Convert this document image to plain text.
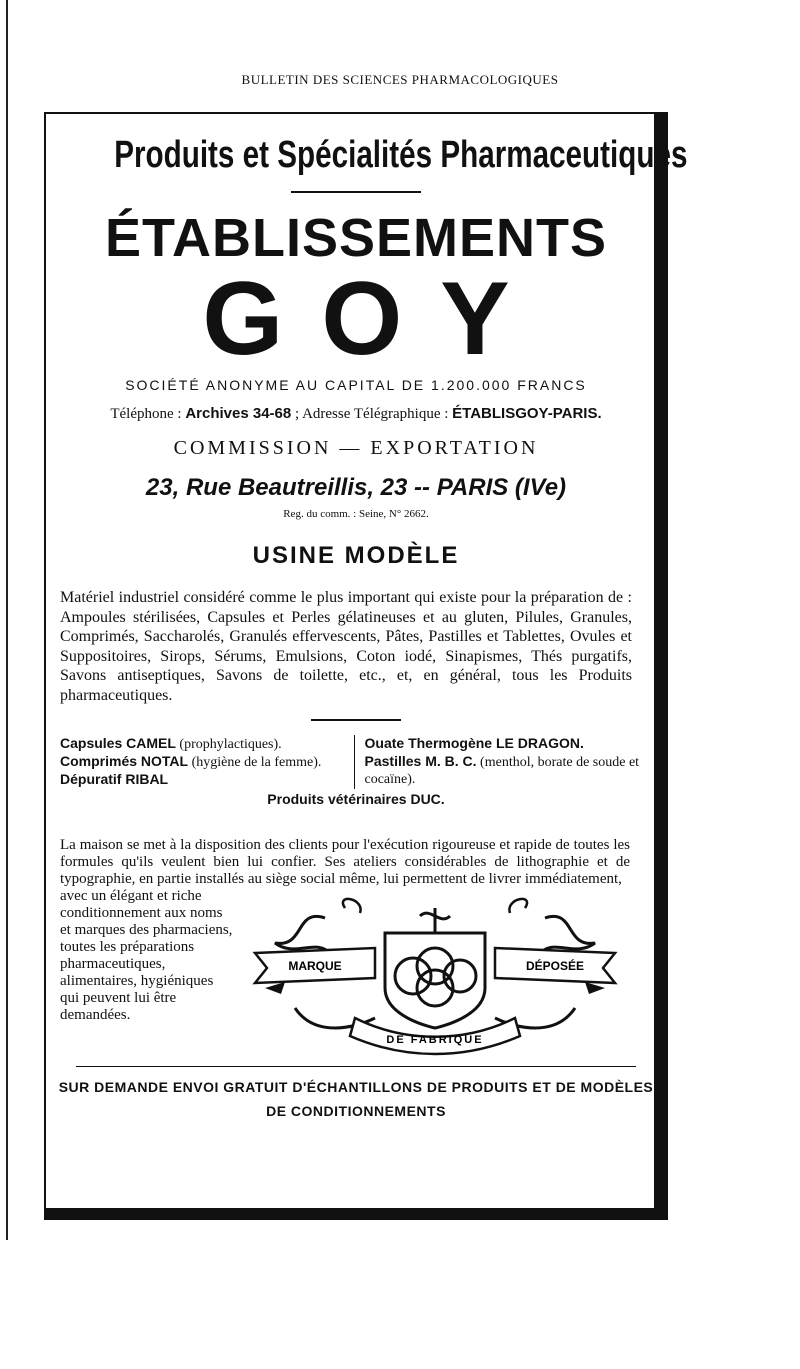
BULLETIN DES SCIENCES PHARMACOLOGIQUES
Produits et Spécialités Pharmaceutiques
ÉTABLISSEMENTS
GOY
SOCIÉTÉ ANONYME AU CAPITAL DE 1.200.000 FRANCS
Téléphone : Archives 34-68 ; Adresse Télégraphique : ÉTABLISGOY-PARIS.
COMMISSION — EXPORTATION
23, Rue Beautreillis, 23 -- PARIS (IVe)
Reg. du comm. : Seine, N° 2662.
USINE MODÈLE
Matériel industriel considéré comme le plus important qui existe pour la préparation de : Ampoules stérilisées, Capsules et Perles gélatineuses et au gluten, Pilules, Granules, Comprimés, Saccharolés, Granulés effervescents, Pâtes, Pastilles et Tablettes, Ovules et Suppositoires, Sirops, Sérums, Emulsions, Coton iodé, Sinapismes, Thés purgatifs, Savons antiseptiques, Savons de toilette, etc., et, en général, tous les Produits pharmaceutiques.
Capsules CAMEL (prophylactiques).
Comprimés NOTAL (hygiène de la femme).
Dépuratif RIBAL
Ouate Thermogène LE DRAGON.
Pastilles M. B. C. (menthol, borate de soude et cocaïne).
Produits vétérinaires DUC.
La maison se met à la disposition des clients pour l'exécution rigoureuse et rapide de toutes les formules qu'ils veulent bien lui confier. Ses ateliers considérables de lithographie et de typographie, en partie installés au siège social même, lui permettent de livrer immédiatement,
avec un élégant et riche conditionnement aux noms et marques des pharmaciens, toutes les préparations pharmaceutiques, alimentaires, hygiéniques qui peuvent lui être demandées.
MARQUE	DÉPOSÉE
DE FABRIQUE
SUR DEMANDE ENVOI GRATUIT D'ÉCHANTILLONS DE PRODUITS ET DE MODÈLES
DE CONDITIONNEMENTS
